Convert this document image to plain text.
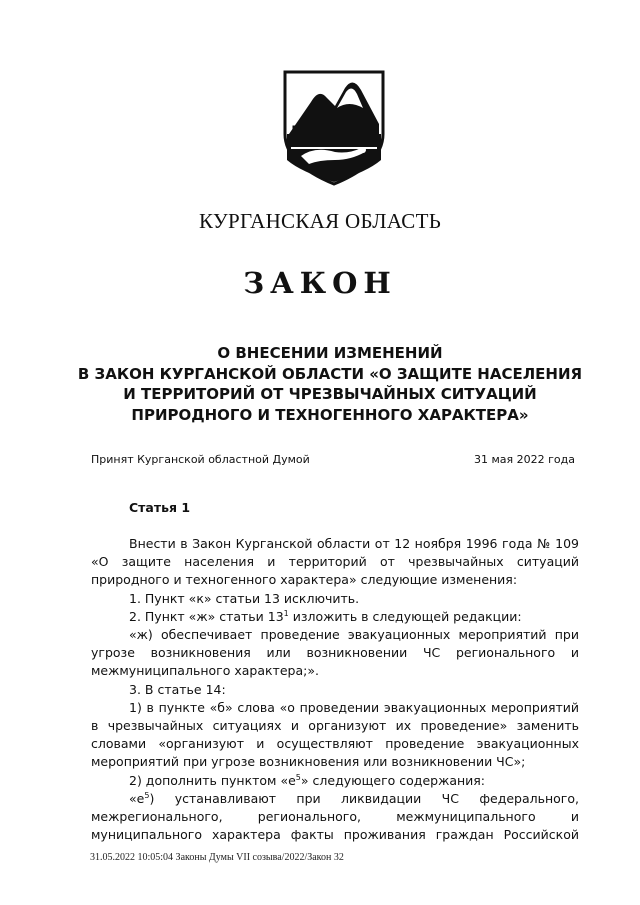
КУРГАНСКАЯ ОБЛАСТЬ
ЗАКОН
О ВНЕСЕНИИ ИЗМЕНЕНИЙ
В ЗАКОН КУРГАНСКОЙ ОБЛАСТИ «О ЗАЩИТЕ НАСЕЛЕНИЯ
И ТЕРРИТОРИЙ ОТ ЧРЕЗВЫЧАЙНЫХ СИТУАЦИЙ
ПРИРОДНОГО И ТЕХНОГЕННОГО ХАРАКТЕРА»
Принят Курганской областной Думой	31 мая 2022 года
Статья 1

Внести в Закон Курганской области от 12 ноября 1996 года № 109 «О защите населения и территорий от чрезвычайных ситуаций природного и техногенного характера» следующие изменения:

1. Пункт «к» статьи 13 исключить.

2. Пункт «ж» статьи $13^1$ изложить в следующей редакции:

«ж) обеспечивает проведение эвакуационных мероприятий при угрозе возникновения или возникновении ЧС регионального и межмуниципального характера;».

3. В статье 14:

1) в пункте «б» слова «о проведении эвакуационных мероприятий в чрезвычайных ситуациях и организуют их проведение» заменить словами «организуют и осуществляют проведение эвакуационных мероприятий при угрозе возникновения или возникновении ЧС»;

2) дополнить пунктом «$е^5$» следующего содержания:

«$е^5$) устанавливают при ликвидации ЧС федерального, межрегионального, регионального, межмуниципального и муниципального характера факты проживания граждан Российской

31.05.2022 10:05:04 Законы Думы VII созыва/2022/Закон 32
